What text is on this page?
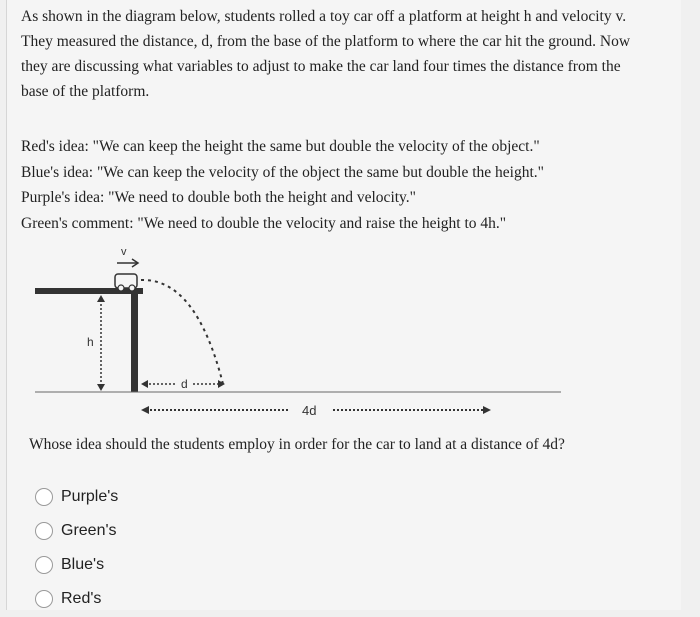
As shown in the diagram below, students rolled a toy car off a platform at height h and velocity v.
They measured the distance, d, from the base of the platform to where the car hit the ground. Now
they are discussing what variables to adjust to make the car land four times the distance from the
base of the platform.
Red's idea: "We can keep the height the same but double the velocity of the object."
Blue's idea: "We can keep the velocity of the object the same but double the height."
Purple's idea: "We need to double both the height and velocity."
Green's comment: "We need to double the velocity and raise the height to 4h."
v
h
d
4d
Whose idea should the students employ in order for the car to land at a distance of 4d?
Purple's
Green's
Blue's
Red's
